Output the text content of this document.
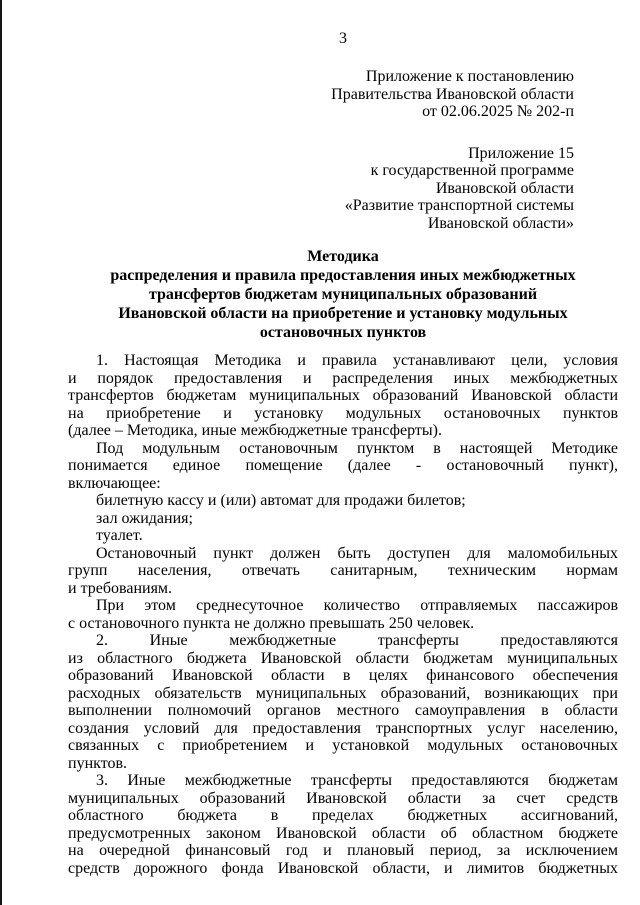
3
Приложение к постановлению
Правительства Ивановской области
от 02.06.2025 № 202-п
Приложение 15
к государственной программе
Ивановской области
«Развитие транспортной системы
Ивановской области»
Методика
распределения и правила предоставления иных межбюджетных
трансфертов бюджетам муниципальных образований
Ивановской области на приобретение и установку модульных
остановочных пунктов
1. Настоящая Методика и правила устанавливают цели, условия
и порядок предоставления и распределения иных межбюджетных
трансфертов бюджетам муниципальных образований Ивановской области
на приобретение и установку модульных остановочных пунктов
(далее – Методика, иные межбюджетные трансферты).
Под модульным остановочным пунктом в настоящей Методике
понимается единое помещение (далее - остановочный пункт),
включающее:
билетную кассу и (или) автомат для продажи билетов;
зал ожидания;
туалет.
Остановочный пункт должен быть доступен для маломобильных
групп населения, отвечать санитарным, техническим нормам
и требованиям.
При этом среднесуточное количество отправляемых пассажиров
с остановочного пункта не должно превышать 250 человек.
2. Иные межбюджетные трансферты предоставляются
из областного бюджета Ивановской области бюджетам муниципальных
образований Ивановской области в целях финансового обеспечения
расходных обязательств муниципальных образований, возникающих при
выполнении полномочий органов местного самоуправления в области
создания условий для предоставления транспортных услуг населению,
связанных с приобретением и установкой модульных остановочных
пунктов.
3. Иные межбюджетные трансферты предоставляются бюджетам
муниципальных образований Ивановской области за счет средств
областного бюджета в пределах бюджетных ассигнований,
предусмотренных законом Ивановской области об областном бюджете
на очередной финансовый год и плановый период, за исключением
средств дорожного фонда Ивановской области, и лимитов бюджетных
